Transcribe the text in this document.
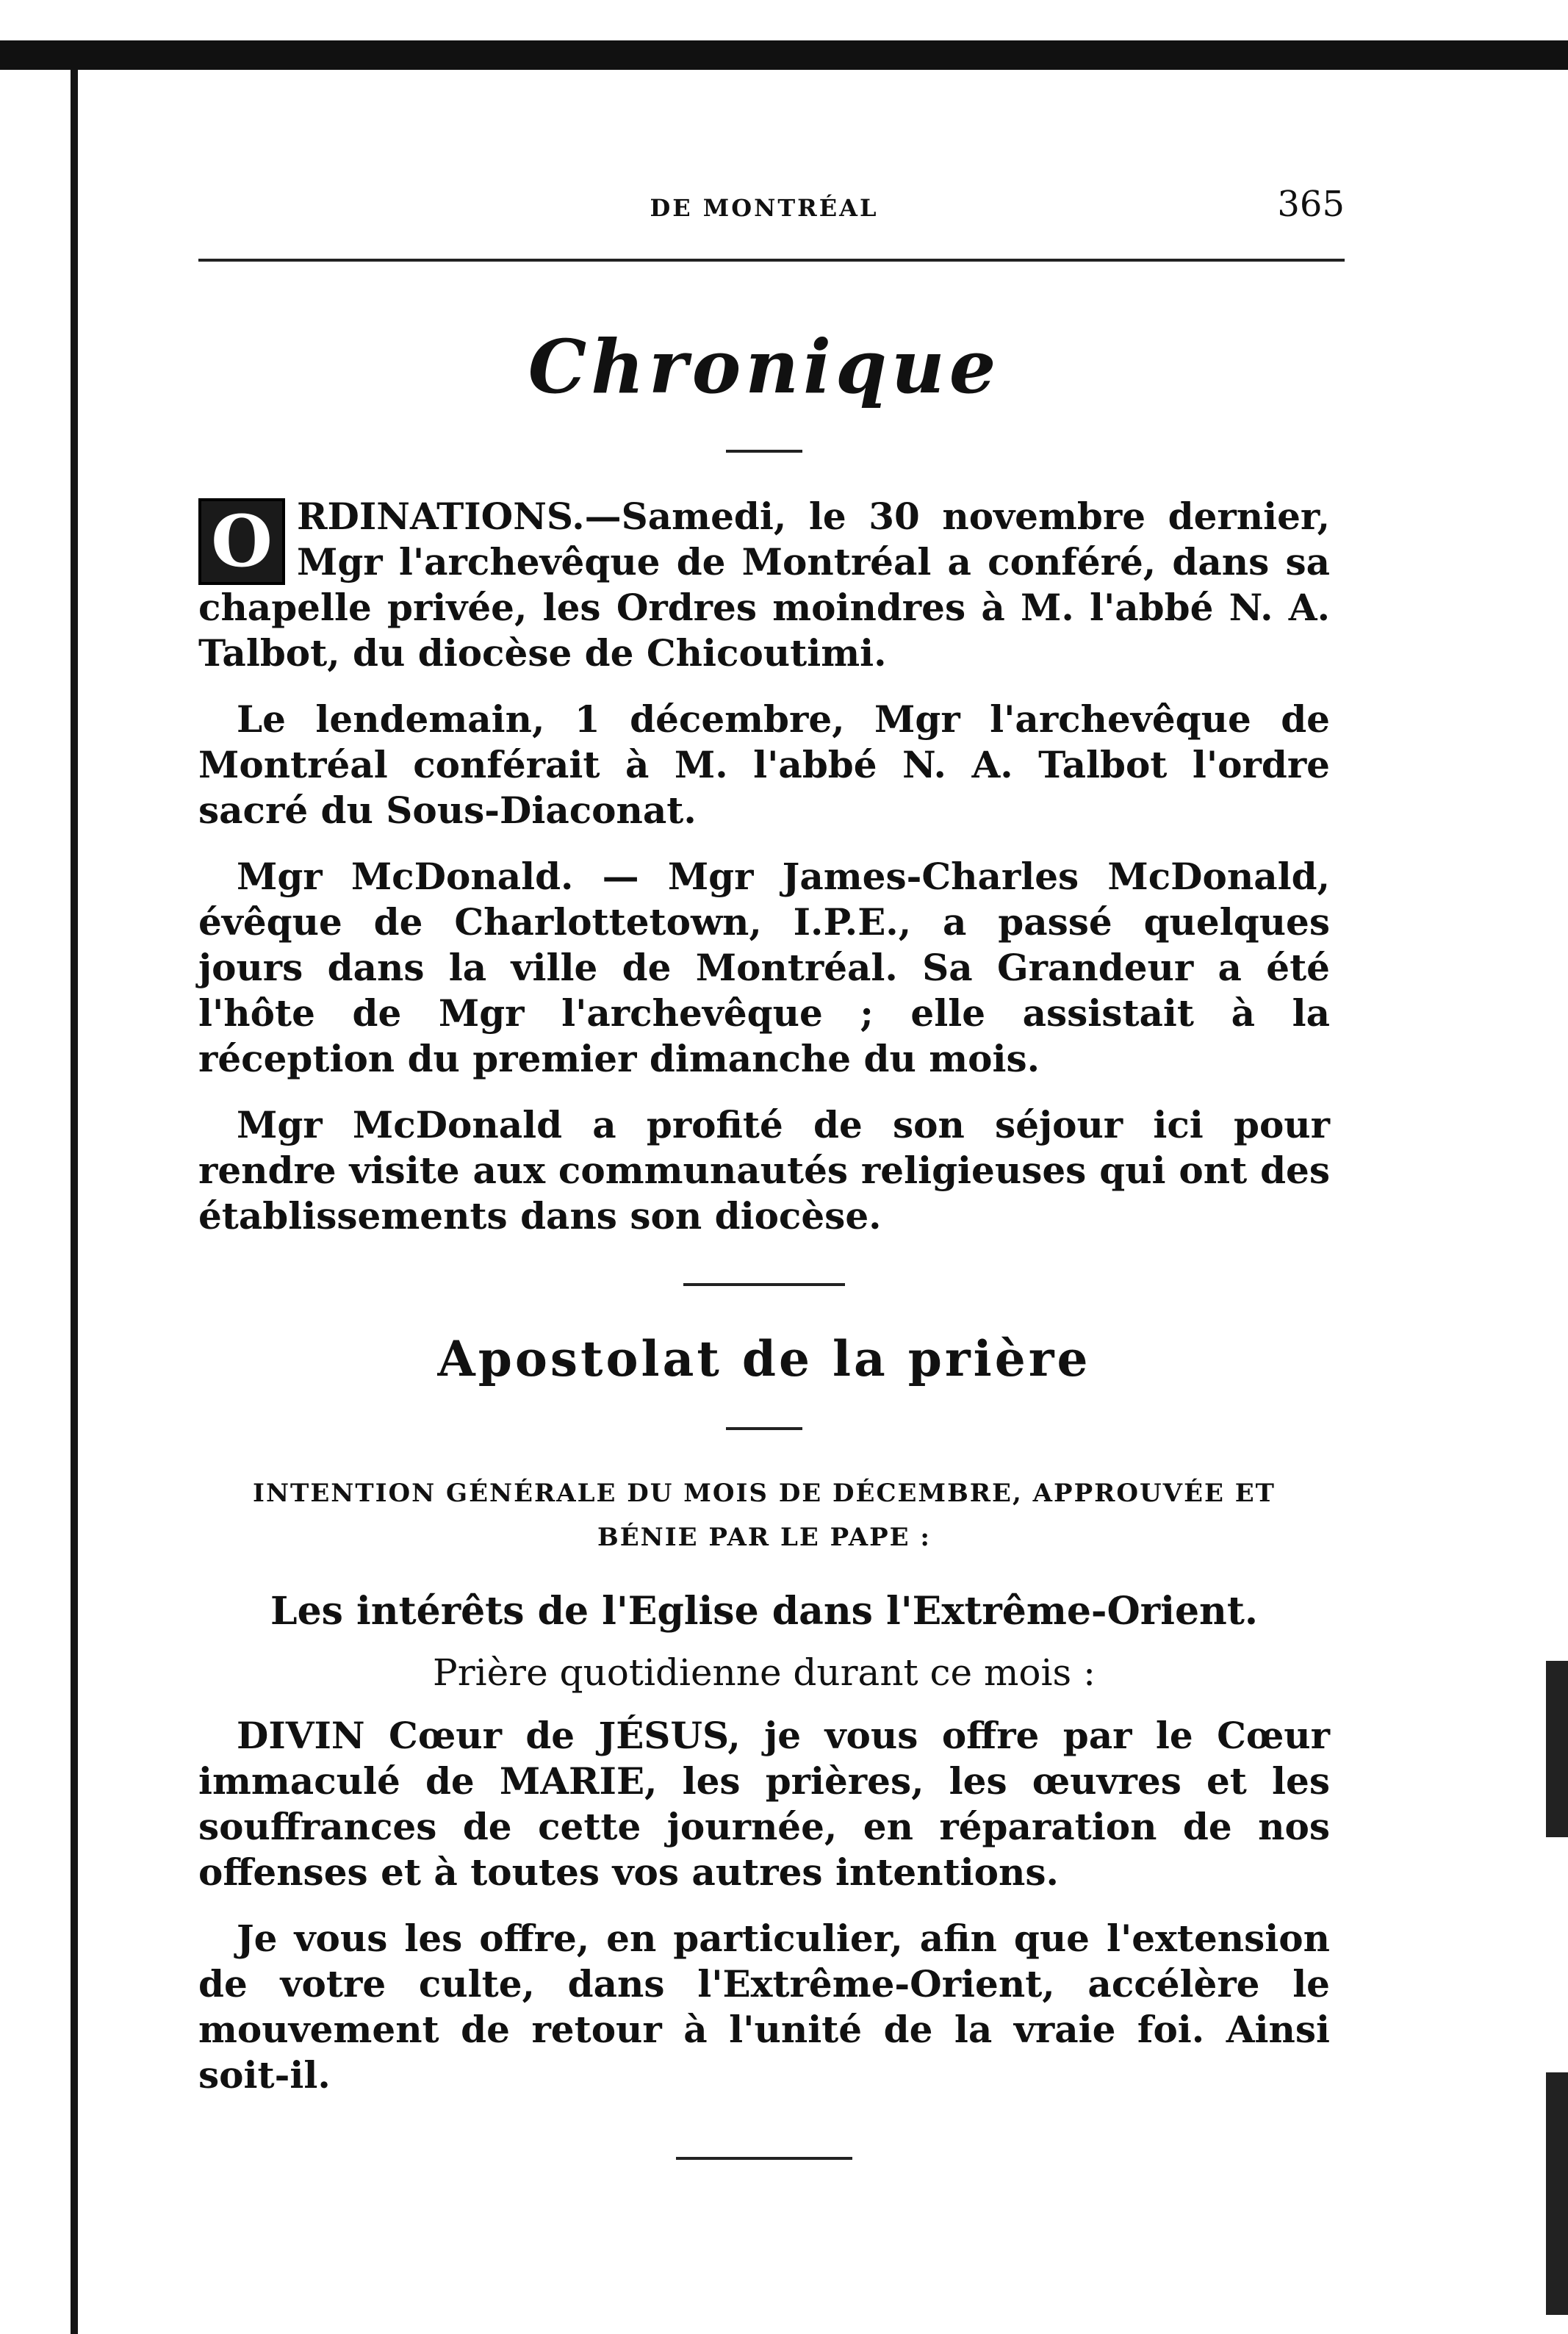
DE MONTRÉAL	365
Chronique

O RDINATIONS.—Samedi, le 30 novembre dernier, Mgr l'archevêque de Montréal a conféré, dans sa chapelle privée, les Ordres moindres à M. l'abbé N. A. Talbot, du diocèse de Chicoutimi.

Le lendemain, 1 décembre, Mgr l'archevêque de Montréal conférait à M. l'abbé N. A. Talbot l'ordre sacré du Sous-Diaconat.

Mgr McDonald. — Mgr James-Charles McDonald, évêque de Charlottetown, I.P.E., a passé quelques jours dans la ville de Montréal. Sa Grandeur a été l'hôte de Mgr l'archevêque ; elle assistait à la réception du premier dimanche du mois.

Mgr McDonald a profité de son séjour ici pour rendre visite aux communautés religieuses qui ont des établissements dans son diocèse.

Apostolat de la prière
INTENTION GÉNÉRALE DU MOIS DE DÉCEMBRE, APPROUVÉE ET
BÉNIE PAR LE PAPE :
Les intérêts de l'Eglise dans l'Extrême-Orient.
Prière quotidienne durant ce mois :

DIVIN Cœur de JÉSUS, je vous offre par le Cœur immaculé de MARIE, les prières, les œuvres et les souffrances de cette journée, en réparation de nos offenses et à toutes vos autres intentions.

Je vous les offre, en particulier, afin que l'extension de votre culte, dans l'Extrême-Orient, accélère le mouvement de retour à l'unité de la vraie foi. Ainsi soit-il.
